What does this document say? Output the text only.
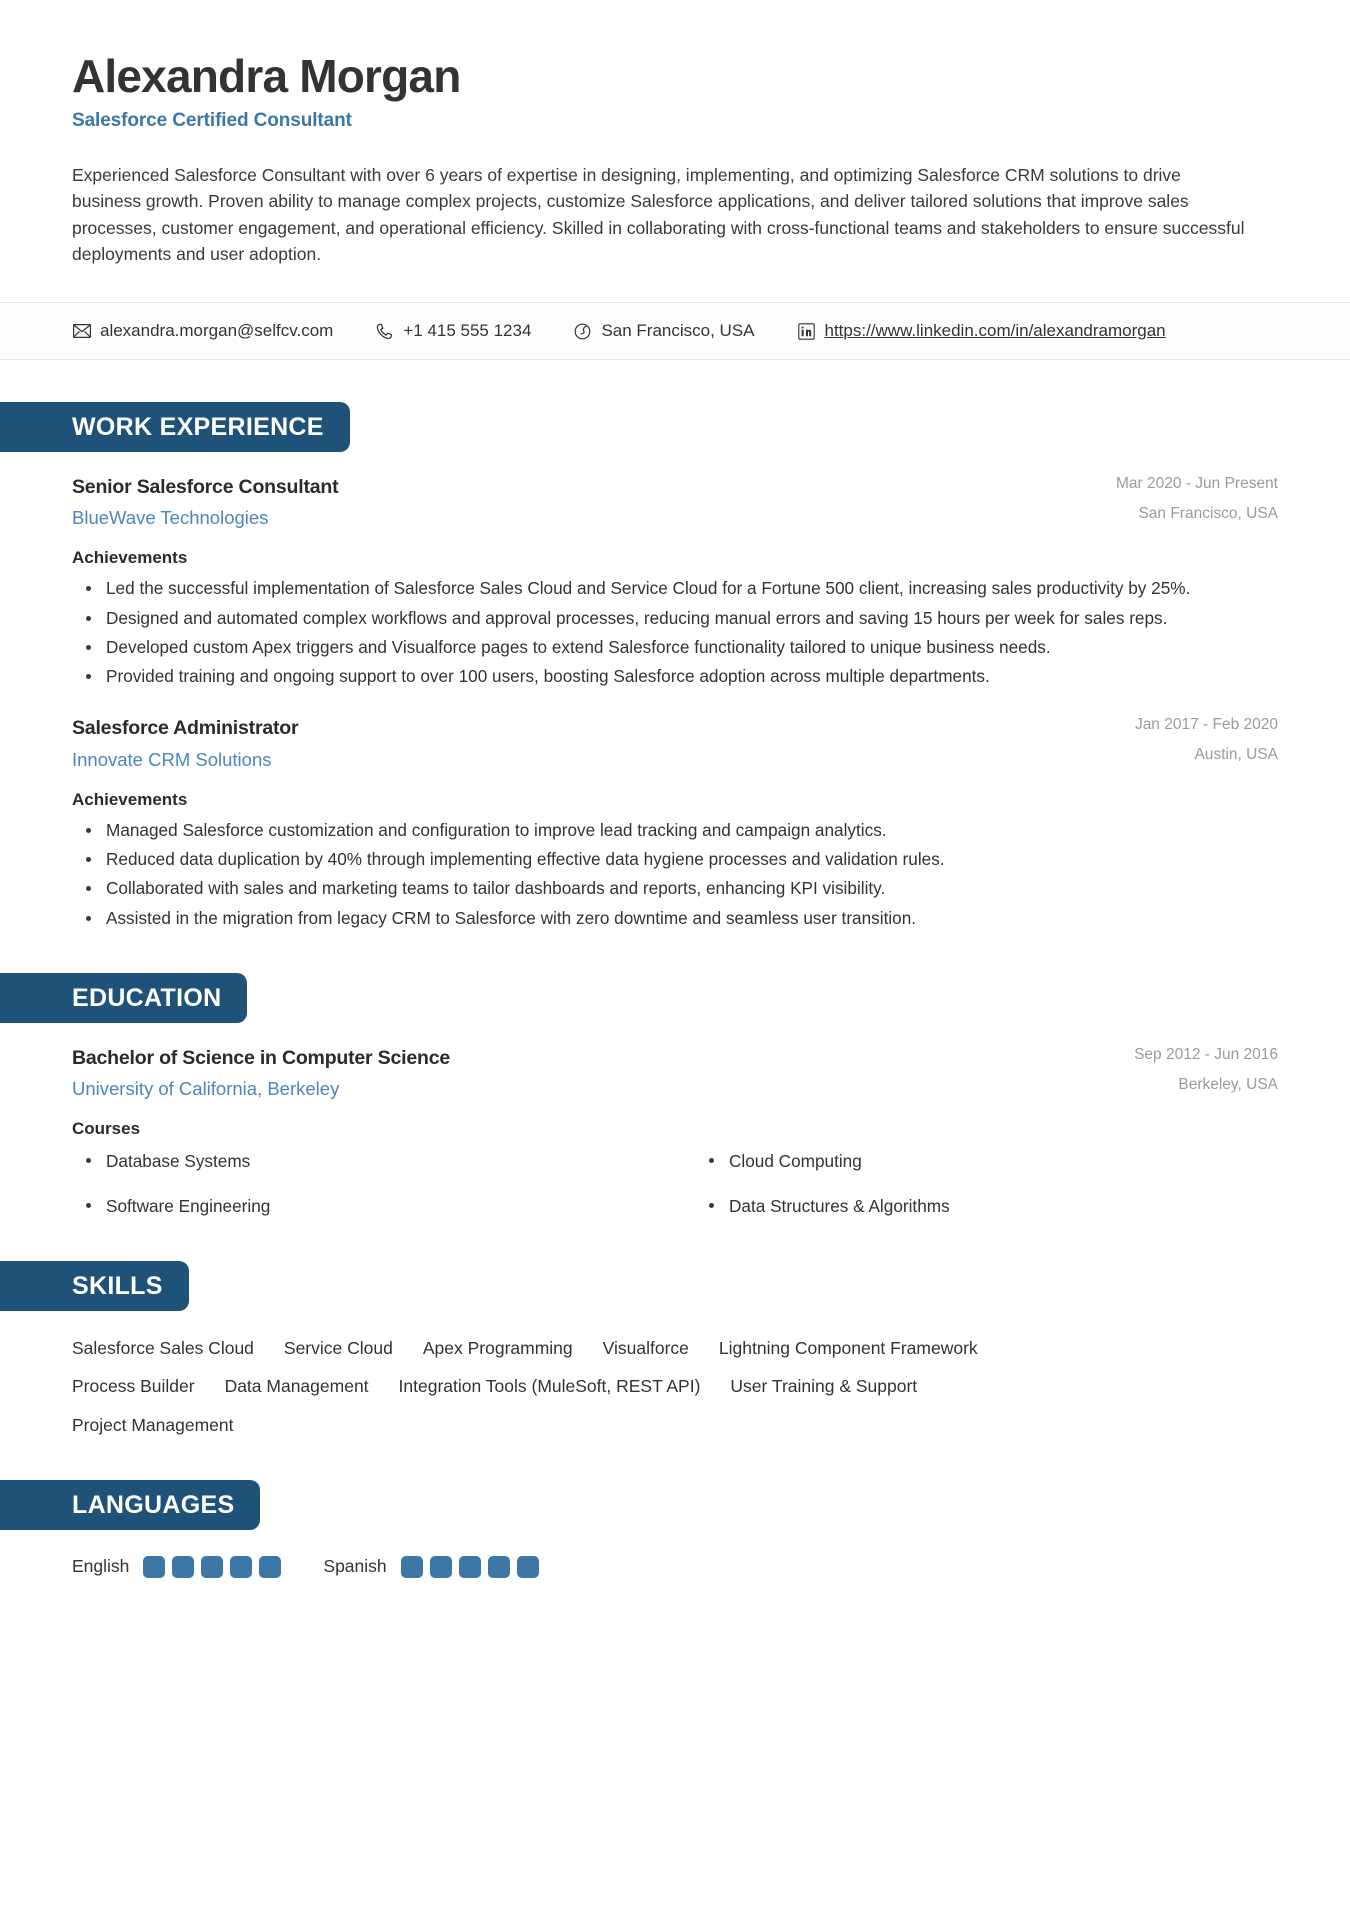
Alexandra Morgan
Salesforce Certified Consultant
Experienced Salesforce Consultant with over 6 years of expertise in designing, implementing, and optimizing Salesforce CRM solutions to drive business growth. Proven ability to manage complex projects, customize Salesforce applications, and deliver tailored solutions that improve sales processes, customer engagement, and operational efficiency. Skilled in collaborating with cross-functional teams and stakeholders to ensure successful deployments and user adoption.
alexandra.morgan@selfcv.com	+1 415 555 1234	San Francisco, USA	https://www.linkedin.com/in/alexandramorgan
WORK EXPERIENCE
Senior Salesforce Consultant
BlueWave Technologies
Mar 2020 - Jun Present
San Francisco, USA
Achievements
Led the successful implementation of Salesforce Sales Cloud and Service Cloud for a Fortune 500 client, increasing sales productivity by 25%.
Designed and automated complex workflows and approval processes, reducing manual errors and saving 15 hours per week for sales reps.
Developed custom Apex triggers and Visualforce pages to extend Salesforce functionality tailored to unique business needs.
Provided training and ongoing support to over 100 users, boosting Salesforce adoption across multiple departments.
Salesforce Administrator
Innovate CRM Solutions
Jan 2017 - Feb 2020
Austin, USA
Achievements
Managed Salesforce customization and configuration to improve lead tracking and campaign analytics.
Reduced data duplication by 40% through implementing effective data hygiene processes and validation rules.
Collaborated with sales and marketing teams to tailor dashboards and reports, enhancing KPI visibility.
Assisted in the migration from legacy CRM to Salesforce with zero downtime and seamless user transition.
EDUCATION
Bachelor of Science in Computer Science
University of California, Berkeley
Sep 2012 - Jun 2016
Berkeley, USA
Courses
Database Systems	Cloud Computing
Software Engineering	Data Structures & Algorithms
SKILLS
Salesforce Sales Cloud Service Cloud Apex Programming Visualforce Lightning Component Framework
Process Builder Data Management Integration Tools (MuleSoft, REST API) User Training & Support
Project Management
LANGUAGES
English	Spanish
